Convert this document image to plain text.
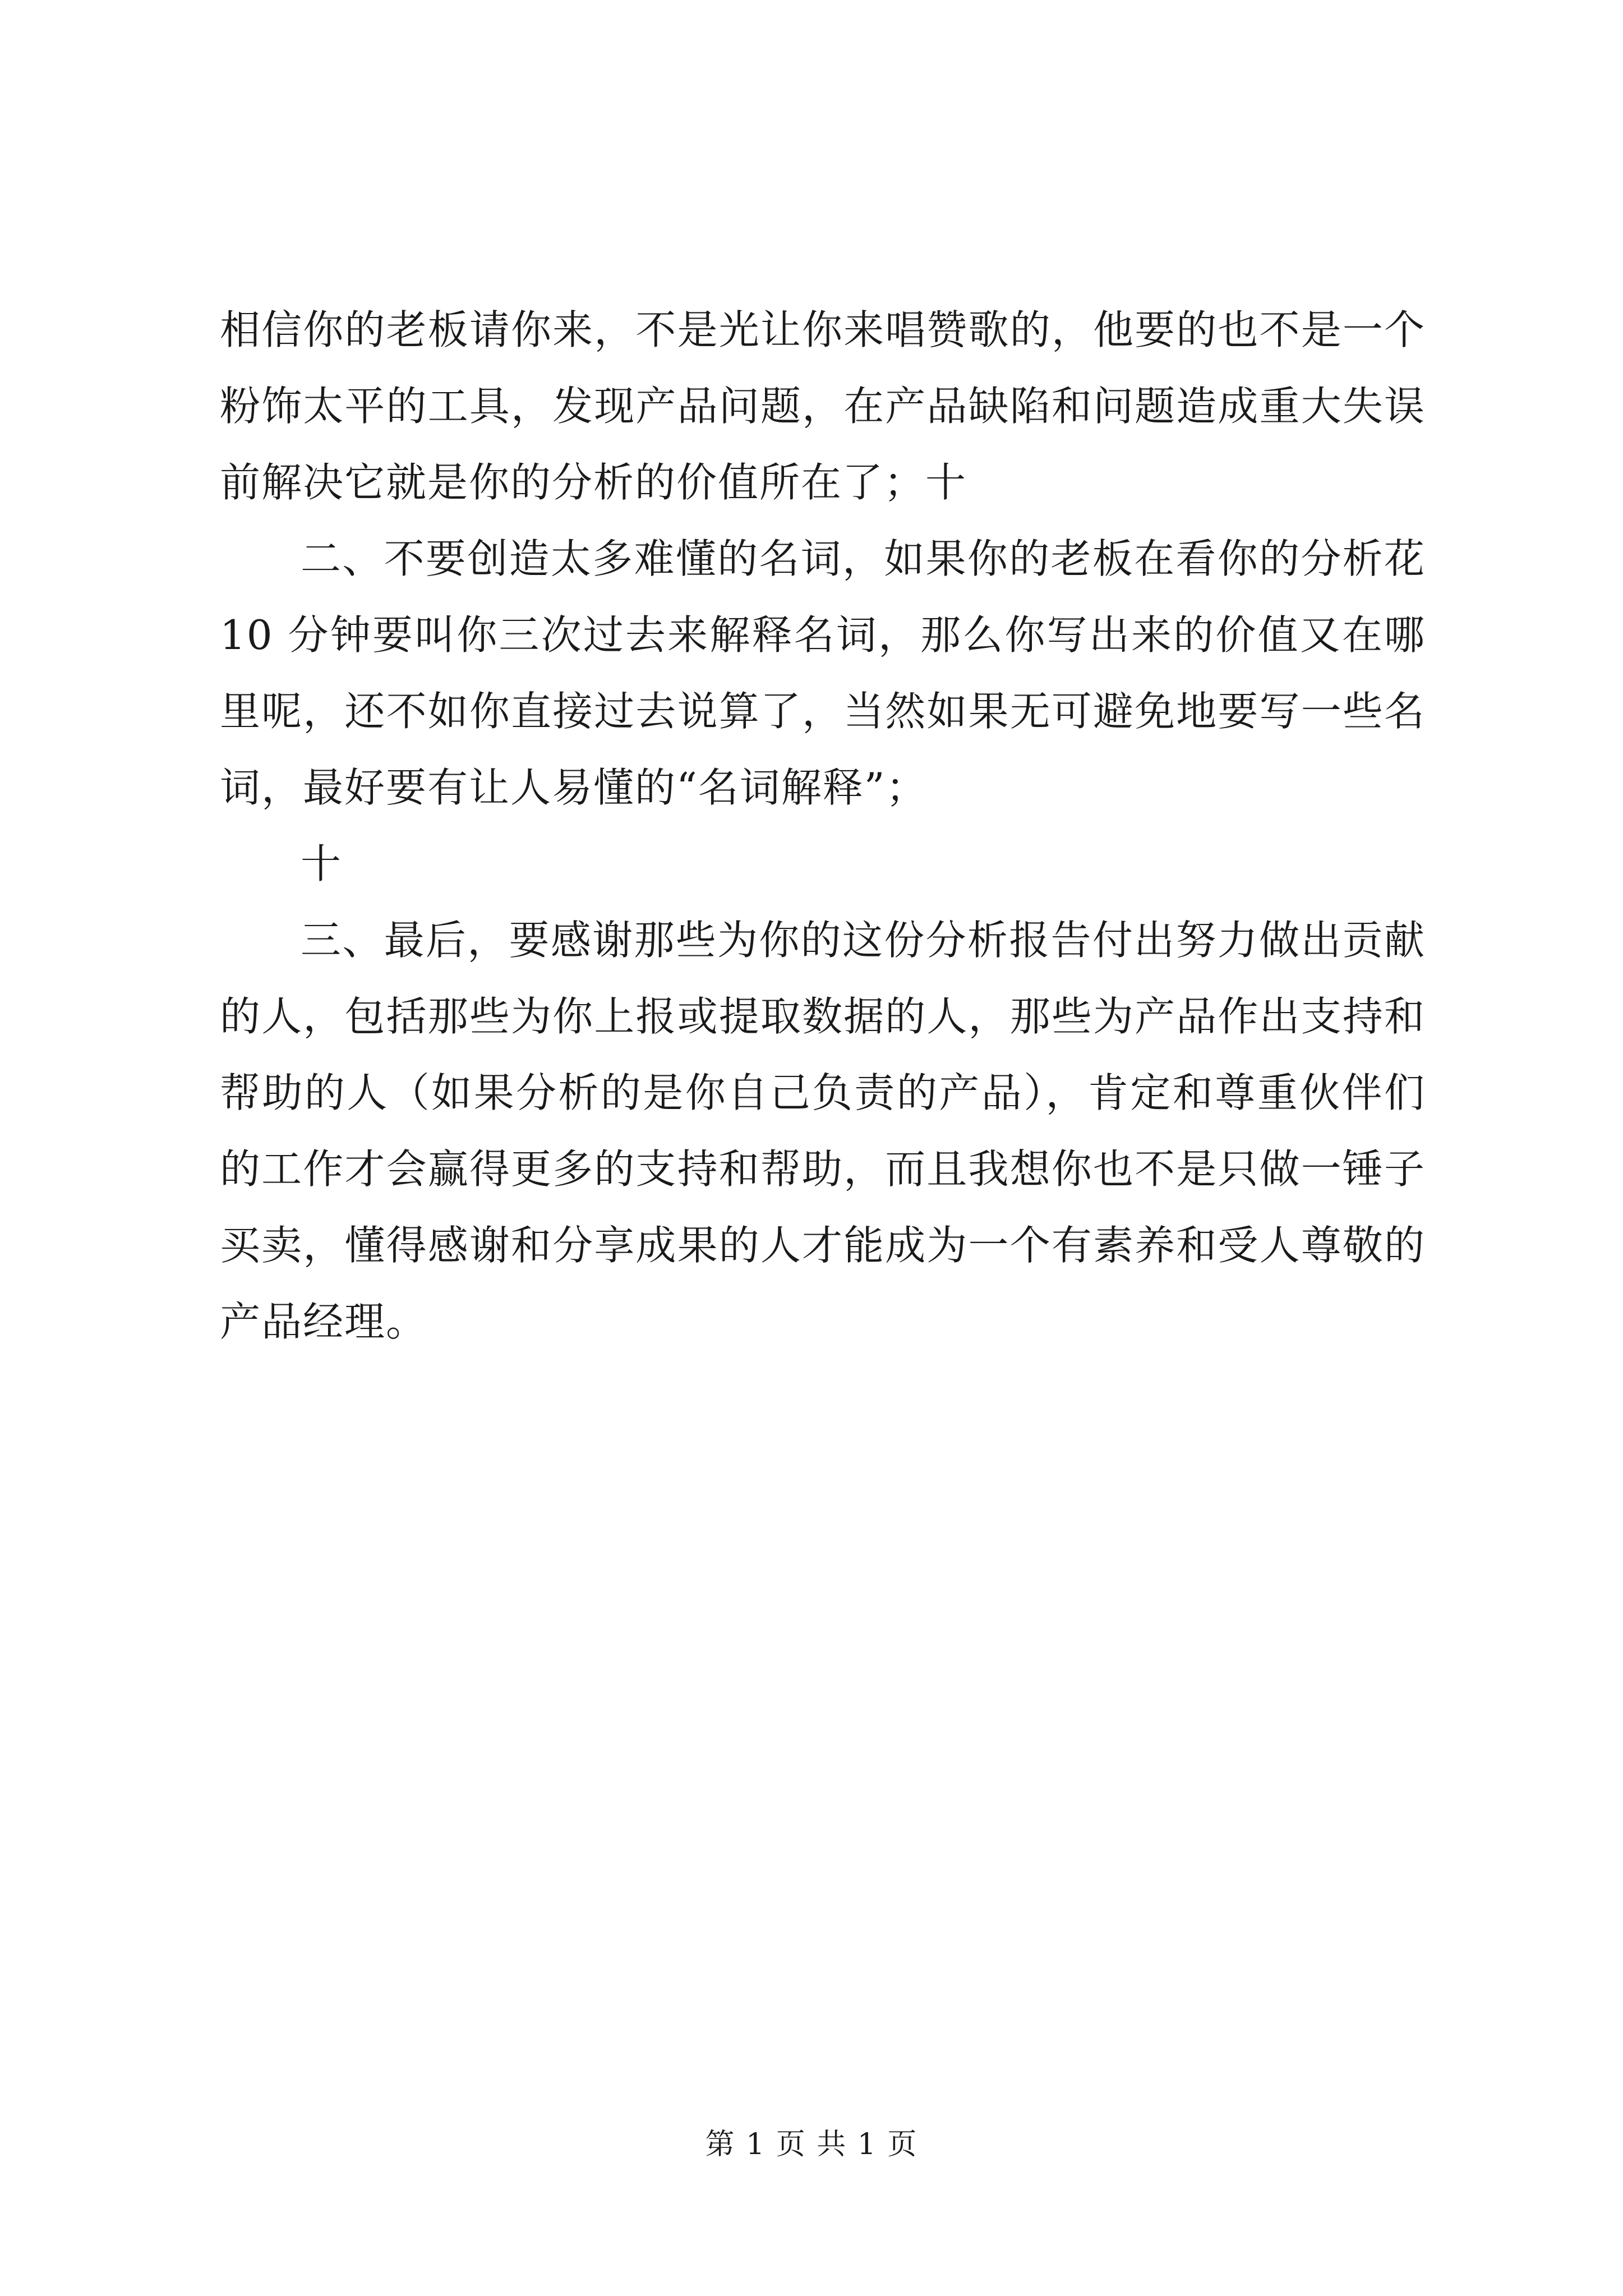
相信你的老板请你来，不是光让你来唱赞歌的，他要的也不是一个粉饰太平的工具，发现产品问题，在产品缺陷和问题造成重大失误前解决它就是你的分析的价值所在了；十

二、不要创造太多难懂的名词，如果你的老板在看你的分析花 10 分钟要叫你三次过去来解释名词，那么你写出来的价值又在哪里呢，还不如你直接过去说算了，当然如果无可避免地要写一些名词，最好要有让人易懂的“名词解释”；

十

三、最后，要感谢那些为你的这份分析报告付出努力做出贡献的人，包括那些为你上报或提取数据的人，那些为产品作出支持和帮助的人（如果分析的是你自己负责的产品），肯定和尊重伙伴们的工作才会赢得更多的支持和帮助，而且我想你也不是只做一锤子买卖，懂得感谢和分享成果的人才能成为一个有素养和受人尊敬的产品经理。

第 1 页 共 1 页
